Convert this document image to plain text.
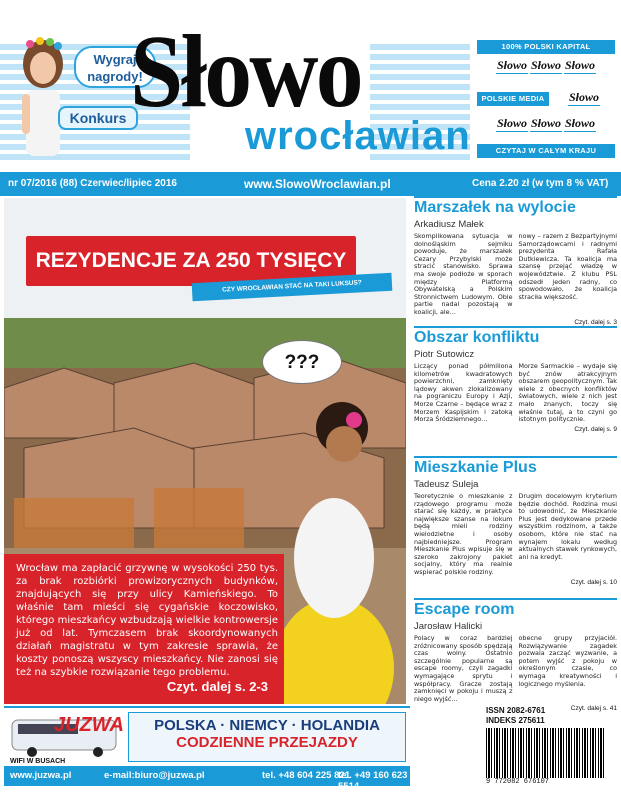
Wygraj nagrody!
Konkurs Słowo
wrocławian
100% POLSKI KAPITAŁ
Słowo Słowo Słowo
POLSKIE MEDIA	Słowo
Słowo Słowo Słowo
CZYTAJ W CAŁYM KRAJU
nr 07/2016 (88) Czerwiec/lipiec 2016	www.SlowoWroclawian.pl	Cena 2.20 zł (w tym 8 % VAT)
REZYDENCJE ZA 250 TYSIĘCY
CZY WROCŁAWIAN STAĆ NA TAKI LUKSUS?
???

Wrocław ma zapłacić grzywnę w wysokości 250 tys. za brak rozbiórki prowizorycznych budynków, znajdujących się przy ulicy Kamieńskiego. To właśnie tam mieści się cygańskie koczowisko, którego mieszkańcy wzbudzają wielkie kontrowersje już od lat. Tymczasem brak skoordynowanych działań magistratu w tym zakresie sprawia, że koszty ponoszą wszyscy mieszkańcy. Nie zanosi się też na szybkie rozwiązanie tego problemu.

Czyt. dalej s. 2-3
Marszałek na wylocie
Arkadiusz Małek
Skomplikowana sytuacja w dolnośląskim sejmiku powoduje, że marszałek Cezary Przybylski może stracić stanowisko. Sprawa ma swoje podłoże w sporach między Platformą Obywatelską a Polskim Stronnictwem Ludowym. Obie partie nadal pozostają w koalicji, ale…
nowy – razem z Bezpartyjnymi Samorządowcami i radnymi prezydenta Rafała Dutkiewicza. Ta koalicja ma szansę przejąć władzę w województwie. Z klubu PSL odszedł jeden radny, co spowodowało, że koalicja straciła większość.
Czyt. dalej s. 3
Obszar konfliktu
Piotr Sutowicz
Liczący ponad półmiliona kilometrów kwadratowych powierzchni, zamknięty lądowy akwen zlokalizowany na pograniczu Europy i Azji, Morze Czarne – będące wraz z Morzem Kaspijskim i zatoką Morza Śródziemnego…
Morze Sarmackie – wydaje się być znów atrakcyjnym obszarem geopolitycznym. Tak wiele z obecnych konfliktów światowych, wiele z nich jest mało znanych, toczy się właśnie tutaj, a to czyni go istotnym politycznie.
Czyt. dalej s. 9
Mieszkanie Plus
Tadeusz Suleja
Teoretycznie o mieszkanie z rządowego programu może starać się każdy, w praktyce największe szanse na lokum będą mieli rodziny wielodzietne i osoby najbiedniejsze. Program Mieszkanie Plus wpisuje się w szeroko zakrojony pakiet socjalny, który ma realnie wspierać polskie rodziny.
Drugim docelowym kryterium będzie dochód. Rodzina musi to udowodnić, że Mieszkanie Plus jest dedykowane przede wszystkim rodzinom, a także osobom, które nie stać na wynajem lokalu według aktualnych stawek rynkowych, ani na kredyt.
Czyt. dalej s. 10
Escape room
Jarosław Halicki
Polacy w coraz bardziej zróżnicowany sposób spędzają czas wolny. Ostatnio szczególnie popularne są escape roomy, czyli zagadki wymagające sprytu i współpracy. Gracze zostają zamknięci w pokoju i muszą z niego wyjść…
obecne grupy przyjaciół. Rozwiązywanie zagadek pozwala zacząć wyzwanie, a potem wyjść z pokoju w określonym czasie, co wymaga kreatywności i logicznego myślenia.
Czyt. dalej s. 41
JUZWA
WIFI W BUSACH
POLSKA · NIEMCY · HOLANDIA
CODZIENNE PRZEJAZDY
www.juzwa.pl	e-mail:biuro@juzwa.pl	tel. +48 604 225 821
tel. +49 160 623 5514
ISSN 2082-6761
INDEKS 275611
9 772082 676107
